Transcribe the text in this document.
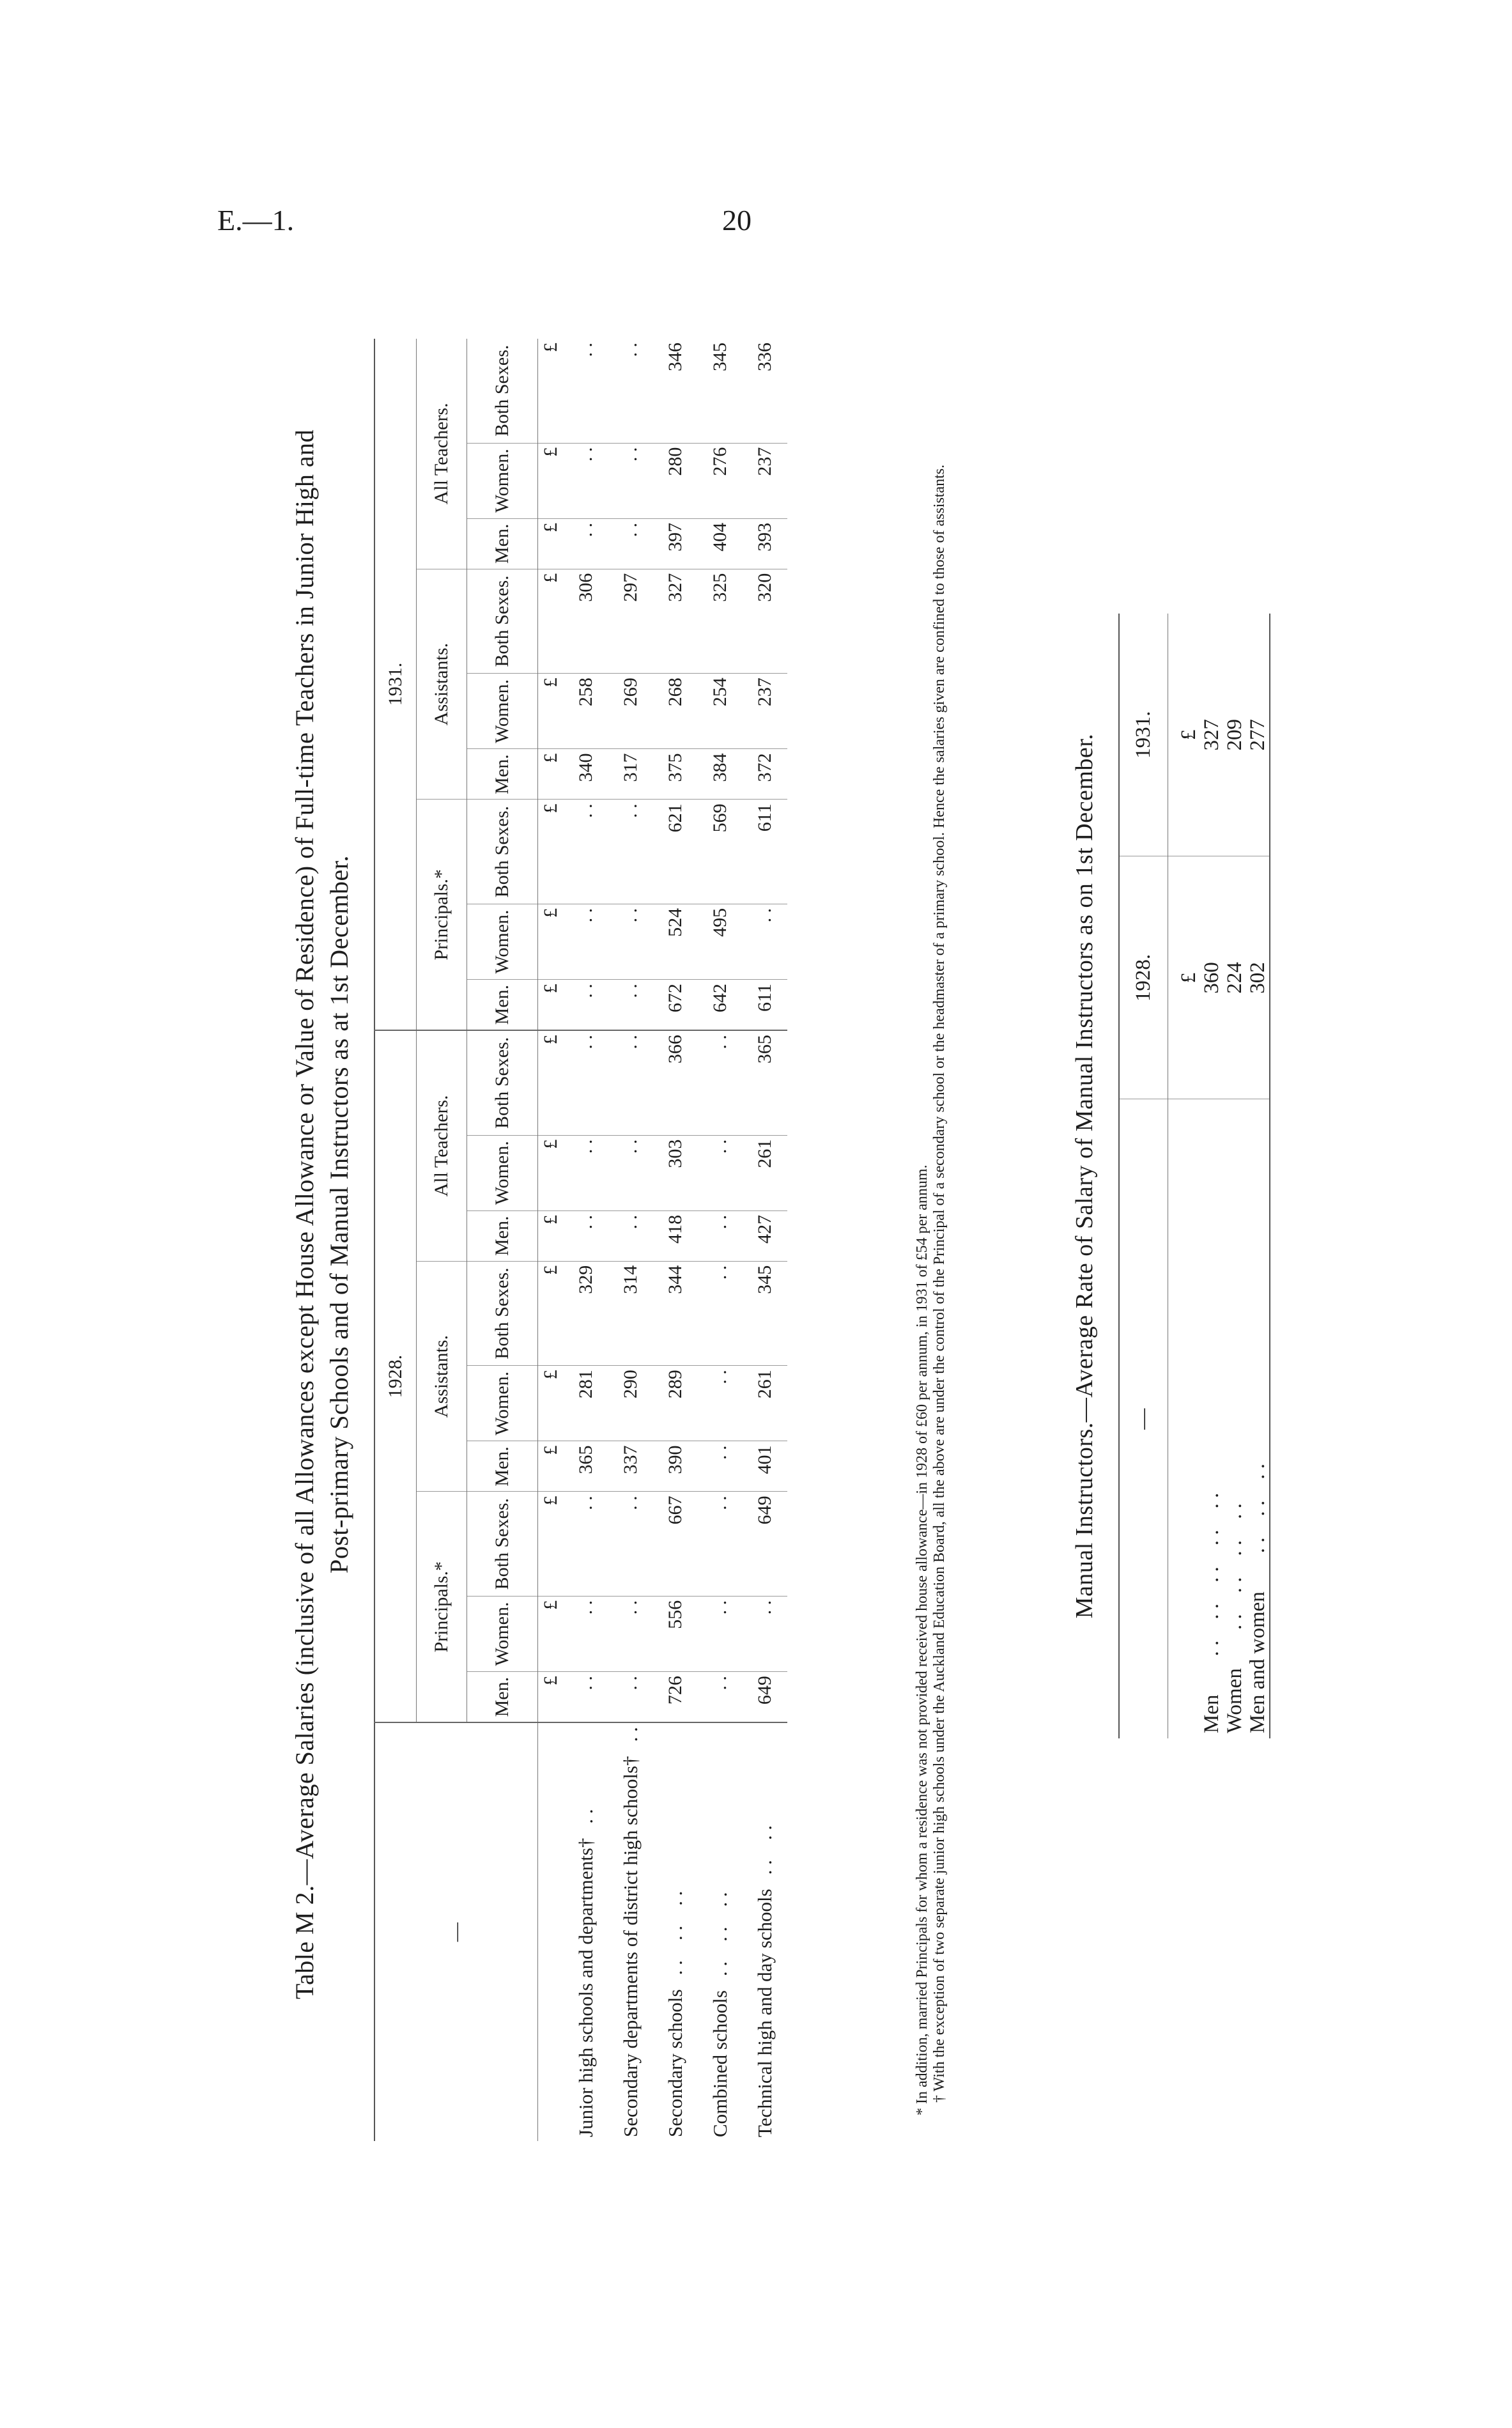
E.—1.	20
Table M 2.—Average Salaries (inclusive of all Allowances except House Allowance or Value of Residence) of Full-time Teachers in Junior High and Post-primary Schools and of Manual Instructors as at 1st December.
—	1928.									1931.								
	Principals.*			Assistants.			All Teachers.			Principals.*			Assistants.			All Teachers.		
	Men.	Women.	Both Sexes.	Men.	Women.	Both Sexes.	Men.	Women.	Both Sexes.	Men.	Women.	Both Sexes.	Men.	Women.	Both Sexes.	Men.	Women.	Both Sexes.
	£	£	£	£	£	£	£	£	£	£	£	£	£	£	£	£	£	£
Junior high schools and departments†. .	. .	. .	. .	365	281	329	. .	. .	. .	. .	. .	. .	340	258	306	. .	. .	. .
Secondary departments of district high schools†. .	. .	. .	. .	337	290	314	. .	. .	. .	. .	. .	. .	317	269	297	. .	. .	. .
Secondary schools. .    . .    . .	726	556	667	390	289	344	418	303	366	672	524	621	375	268	327	397	280	346
Combined schools. .    . .    . .	. .	. .	. .	. .	. .	. .	. .	. .	. .	642	495	569	384	254	325	404	276	345
Technical high and day schools. .    . .	649	. .	649	401	261	345	427	261	365	611	. .	611	372	237	320	393	237	336

* In addition, married Principals for whom a residence was not provided received house allowance—in 1928 of £60 per annum, in 1931 of £54 per annum. † With the exception of two separate junior high schools under the Auckland Education Board, all the above are under the control of the Principal of a secondary school or the headmaster of a primary school. Hence the salaries given are confined to those of assistants.	Manual Instructors.—Average Rate of Salary of Manual Instructors as on 1st December. —	1928.	1931.
	£	£
Men. .    . .    . .    . .    . .	360	327
Women. .    . .    . .    . .	224	209
Men and women. .    . .    . .	302	277
